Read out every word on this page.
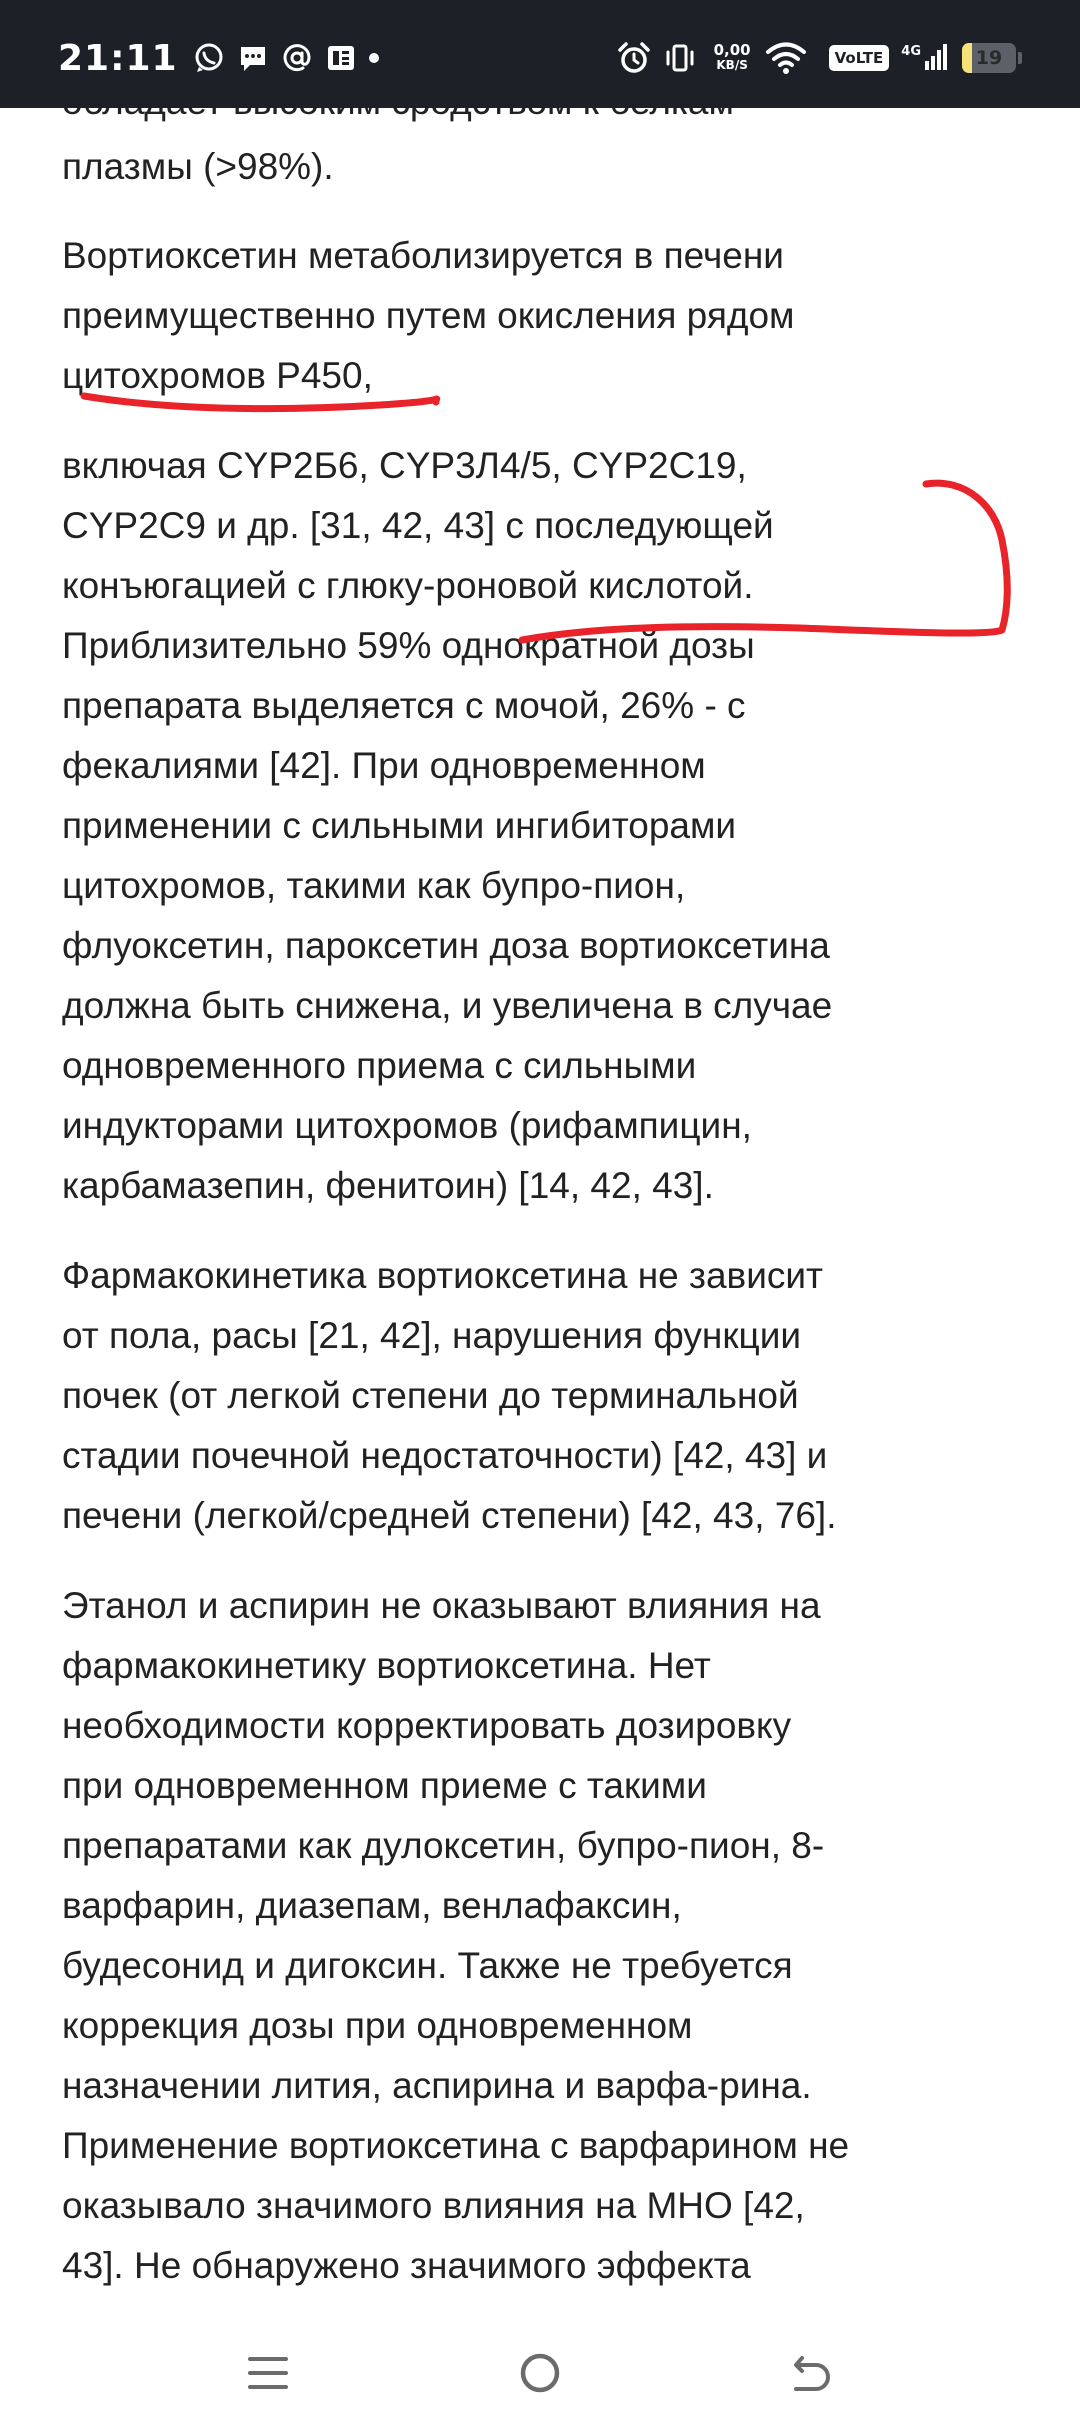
плазмы (>98%).
Вортиоксетин метаболизируется в печени
преимущественно путем окисления рядом
цитохромов Р450,
включая CYP2Б6, CYP3Л4/5, CYP2C19,
CYP2C9 и др. [31, 42, 43] с последующей
конъюгацией с глюку-роновой кислотой.
Приблизительно 59% однократной дозы
препарата выделяется с мочой, 26% - с
фекалиями [42]. При одновременном
применении с сильными ингибиторами
цитохромов, такими как бупро-пион,
флуоксетин, пароксетин доза вортиоксетина
должна быть снижена, и увеличена в случае
одновременного приема с сильными
индукторами цитохромов (рифампицин,
карбамазепин, фенитоин) [14, 42, 43].
Фармакокинетика вортиоксетина не зависит
от пола, расы [21, 42], нарушения функции
почек (от легкой степени до терминальной
стадии почечной недостаточности) [42, 43] и
печени (легкой/средней степени) [42, 43, 76].
Этанол и аспирин не оказывают влияния на
фармакокинетику вортиоксетина. Нет
необходимости корректировать дозировку
при одновременном приеме с такими
препаратами как дулоксетин, бупро-пион, 8-
варфарин, диазепам, венлафаксин,
будесонид и дигоксин. Также не требуется
коррекция дозы при одновременном
назначении лития, аспирина и варфа-рина.
Применение вортиоксетина с варфарином не
оказывало значимого влияния на МНО [42,
43]. Не обнаружено значимого эффекта
21:11	0,00
KB/S	VoLTE	4G	19
